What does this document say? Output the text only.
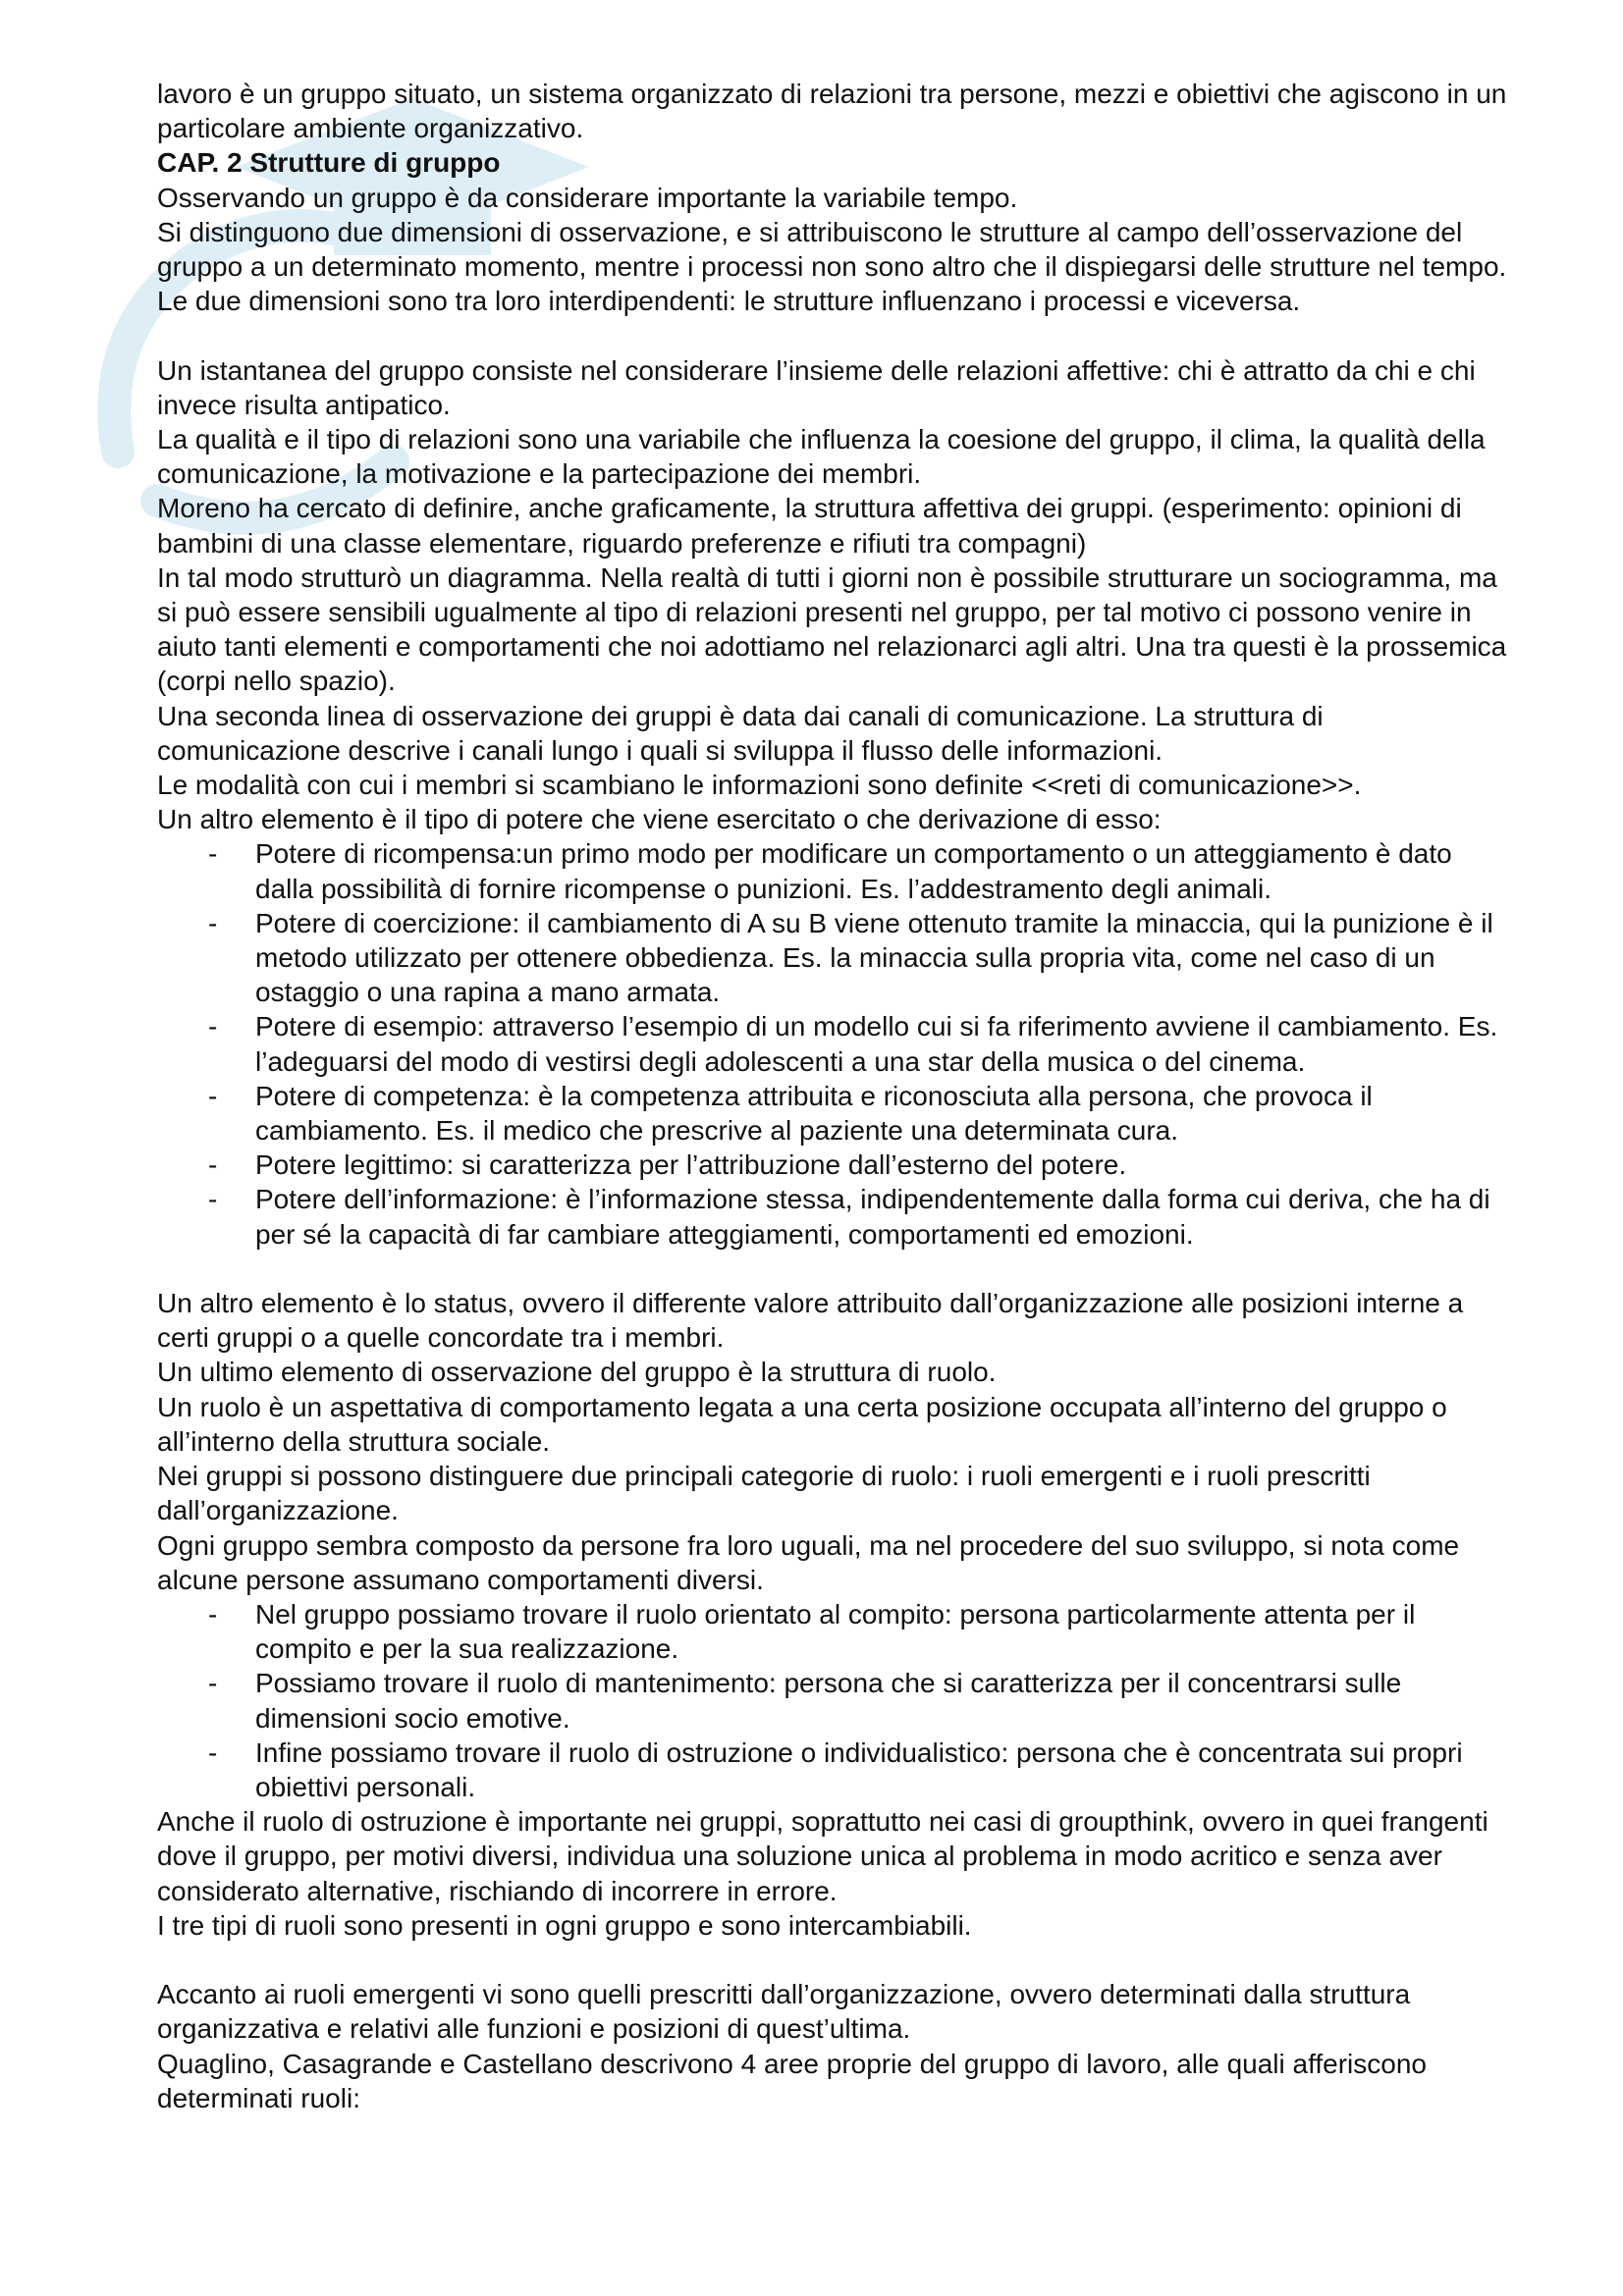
lavoro è un gruppo situato, un sistema organizzato di relazioni tra persone, mezzi e obiettivi che agiscono in un particolare ambiente organizzativo.

CAP. 2 Strutture di gruppo

Osservando un gruppo è da considerare importante la variabile tempo.

Si distinguono due dimensioni di osservazione, e si attribuiscono le strutture al campo dell’osservazione del gruppo a un determinato momento, mentre i processi non sono altro che il dispiegarsi delle strutture nel tempo. Le due dimensioni sono tra loro interdipendenti: le strutture influenzano i processi e viceversa.

Un istantanea del gruppo consiste nel considerare l’insieme delle relazioni affettive: chi è attratto da chi e chi invece risulta antipatico.

La qualità e il tipo di relazioni sono una variabile che influenza la coesione del gruppo, il clima, la qualità della comunicazione, la motivazione e la partecipazione dei membri.

Moreno ha cercato di definire, anche graficamente, la struttura affettiva dei gruppi. (esperimento: opinioni di bambini di una classe elementare, riguardo preferenze e rifiuti tra compagni)

In tal modo strutturò un diagramma. Nella realtà di tutti i giorni non è possibile strutturare un sociogramma, ma si può essere sensibili ugualmente al tipo di relazioni presenti nel gruppo, per tal motivo ci possono venire in aiuto tanti elementi e comportamenti che noi adottiamo nel relazionarci agli altri. Una tra questi è la prossemica (corpi nello spazio).

Una seconda linea di osservazione dei gruppi è data dai canali di comunicazione. La struttura di comunicazione descrive i canali lungo i quali si sviluppa il flusso delle informazioni.

Le modalità con cui i membri si scambiano le informazioni sono definite <<reti di comunicazione>>.

Un altro elemento è il tipo di potere che viene esercitato o che derivazione di esso:

- Potere di ricompensa:un primo modo per modificare un comportamento o un atteggiamento è dato dalla possibilità di fornire ricompense o punizioni. Es. l’addestramento degli animali.
- Potere di coercizione: il cambiamento di A su B viene ottenuto tramite la minaccia, qui la punizione è il metodo utilizzato per ottenere obbedienza. Es. la minaccia sulla propria vita, come nel caso di un ostaggio o una rapina a mano armata.
- Potere di esempio: attraverso l’esempio di un modello cui si fa riferimento avviene il cambiamento. Es. l’adeguarsi del modo di vestirsi degli adolescenti a una star della musica o del cinema.
- Potere di competenza: è la competenza attribuita e riconosciuta alla persona, che provoca il cambiamento. Es. il medico che prescrive al paziente una determinata cura.
- Potere legittimo: si caratterizza per l’attribuzione dall’esterno del potere.
- Potere dell’informazione: è l’informazione stessa, indipendentemente dalla forma cui deriva, che ha di per sé la capacità di far cambiare atteggiamenti, comportamenti ed emozioni.

Un altro elemento è lo status, ovvero il differente valore attribuito dall’organizzazione alle posizioni interne a certi gruppi o a quelle concordate tra i membri.

Un ultimo elemento di osservazione del gruppo è la struttura di ruolo.

Un ruolo è un aspettativa di comportamento legata a una certa posizione occupata all’interno del gruppo o all’interno della struttura sociale.

Nei gruppi si possono distinguere due principali categorie di ruolo: i ruoli emergenti e i ruoli prescritti dall’organizzazione.

Ogni gruppo sembra composto da persone fra loro uguali, ma nel procedere del suo sviluppo, si nota come alcune persone assumano comportamenti diversi.

- Nel gruppo possiamo trovare il ruolo orientato al compito: persona particolarmente attenta per il compito e per la sua realizzazione.
- Possiamo trovare il ruolo di mantenimento: persona che si caratterizza per il concentrarsi sulle dimensioni socio emotive.
- Infine possiamo trovare il ruolo di ostruzione o individualistico: persona che è concentrata sui propri obiettivi personali.

Anche il ruolo di ostruzione è importante nei gruppi, soprattutto nei casi di groupthink, ovvero in quei frangenti dove il gruppo, per motivi diversi, individua una soluzione unica al problema in modo acritico e senza aver considerato alternative, rischiando di incorrere in errore.

I tre tipi di ruoli sono presenti in ogni gruppo e sono intercambiabili.

Accanto ai ruoli emergenti vi sono quelli prescritti dall’organizzazione, ovvero determinati dalla struttura organizzativa e relativi alle funzioni e posizioni di quest’ultima.

Quaglino, Casagrande e Castellano descrivono 4 aree proprie del gruppo di lavoro, alle quali afferiscono determinati ruoli:
